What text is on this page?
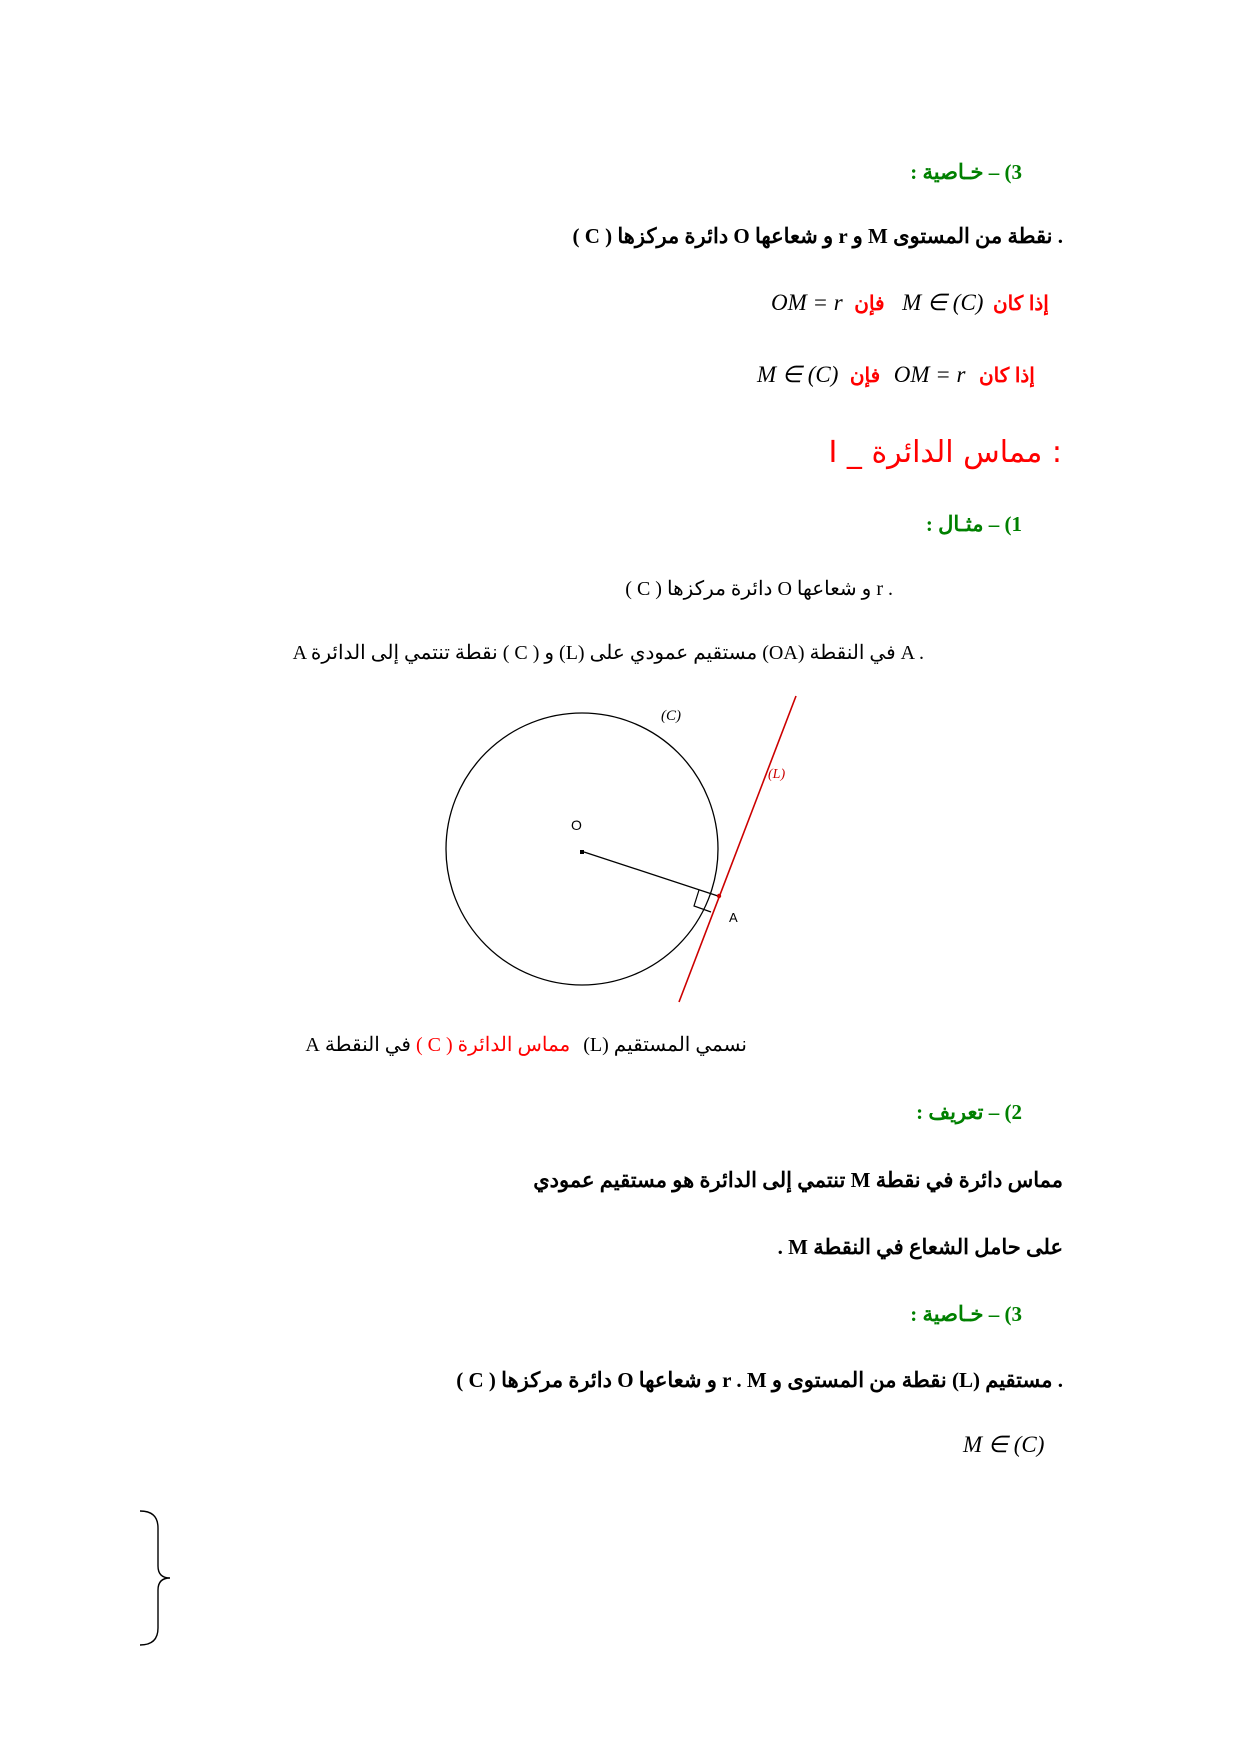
3) – خـاصية :
( C ) دائرة مركزها O و شعاعها r و M نقطة من المستوى .
OM = r فإن M ∈ (C) إذا كان
M ∈ (C) فإن OM = r إذا كان
I _ مماس الدائرة :
1) – مثـال :
( C ) دائرة مركزها O و شعاعها r .
A نقطة تنتمي إلى الدائرة ( C ) و (L) مستقيم عمودي على (OA) في النقطة A .
(C)
(L)
O
A
نسمي المستقيم (L) مماس الدائرة ( C ) في النقطة A
2) – تعريف :
مماس دائرة في نقطة M تنتمي إلى الدائرة هو مستقيم عمودي
على حامل الشعاع في النقطة M .
3) – خـاصية :
( C ) دائرة مركزها O و شعاعها r . M نقطة من المستوى و (L) مستقيم .
M ∈ (C)
